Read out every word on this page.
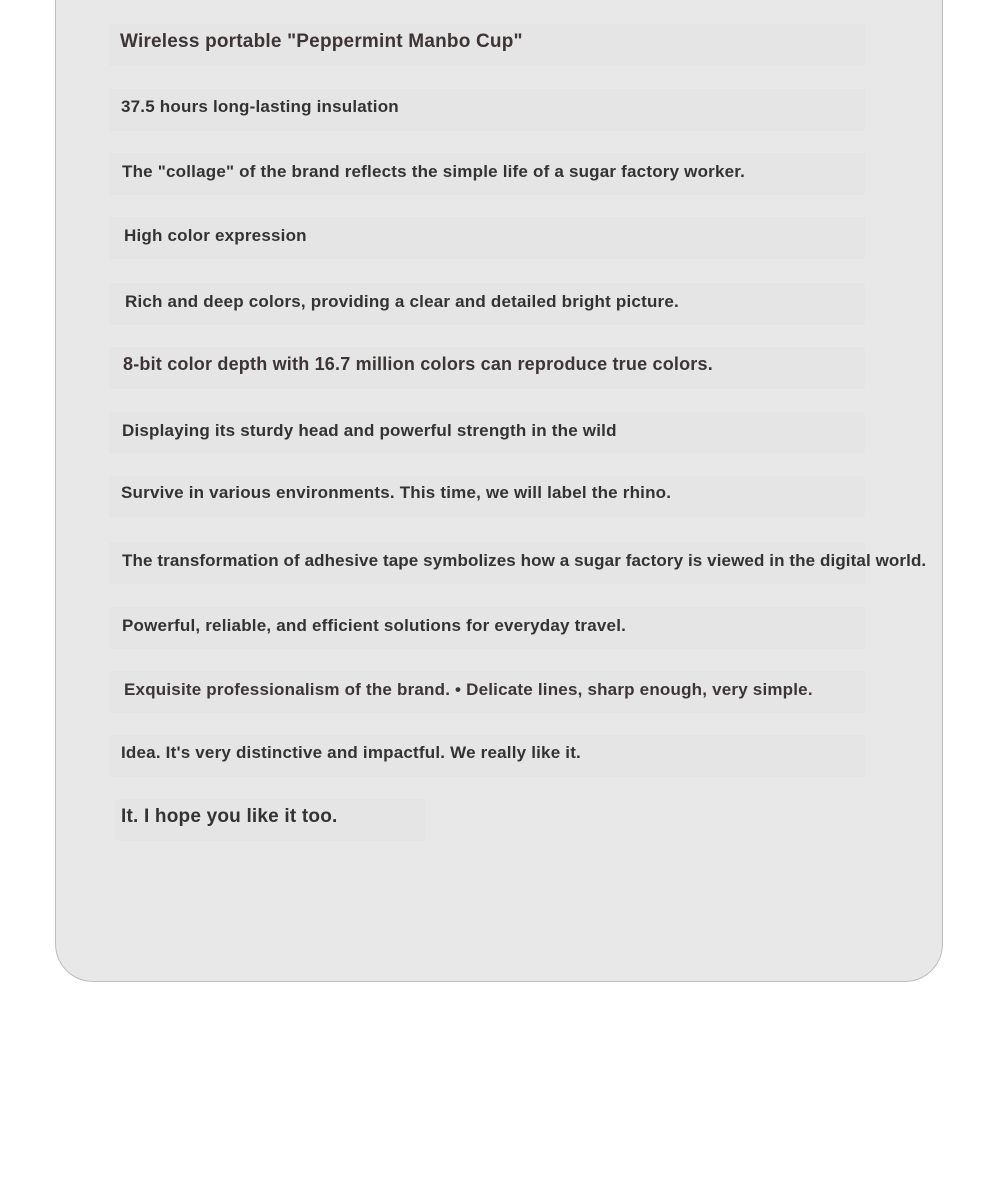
Wireless portable "Peppermint Manbo Cup"
37.5 hours long-lasting insulation
The "collage" of the brand reflects the simple life of a sugar factory worker.
High color expression
Rich and deep colors, providing a clear and detailed bright picture.
8-bit color depth with 16.7 million colors can reproduce true colors.
Displaying its sturdy head and powerful strength in the wild
Survive in various environments. This time, we will label the rhino.
The transformation of adhesive tape symbolizes how a sugar factory is viewed in the digital world.
Powerful, reliable, and efficient solutions for everyday travel.
Exquisite professionalism of the brand. • Delicate lines, sharp enough, very simple.
Idea. It's very distinctive and impactful. We really like it.
It. I hope you like it too.
